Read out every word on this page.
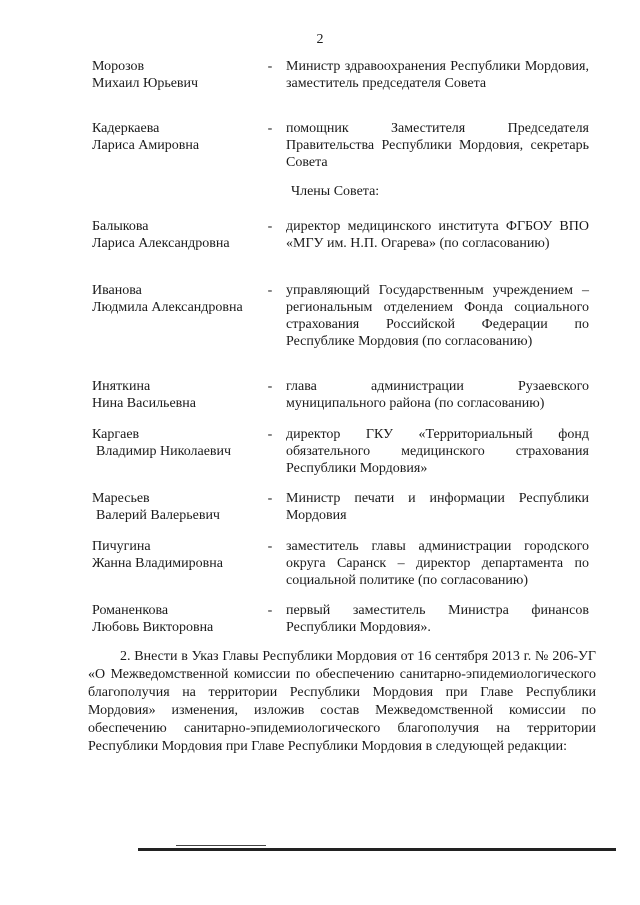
2
Морозов
Михаил Юрьевич
- Министр здравоохранения Республики Мордовия, заместитель председателя Совета
Кадеркаева
Лариса Амировна
- помощник Заместителя Председателя Правительства Республики Мордовия, секретарь Совета
Члены Совета:
Балыкова
Лариса Александровна
- директор медицинского института ФГБОУ ВПО «МГУ им. Н.П. Огарева» (по согласованию)
Иванова
Людмила Александровна
- управляющий Государственным учреждением – региональным отделением Фонда социального страхования Российской Федерации по Республике Мордовия (по согласованию)
Иняткина
Нина Васильевна
- глава администрации Рузаевского муниципального района (по согласованию)
Каргаев
Владимир Николаевич
- директор ГКУ «Территориальный фонд обязательного медицинского страхования Республики Мордовия»
Маресьев
Валерий Валерьевич
- Министр печати и информации Республики Мордовия
Пичугина
Жанна Владимировна
- заместитель главы администрации городского округа Саранск – директор департамента по социальной политике (по согласованию)
Романенкова
Любовь Викторовна
- первый заместитель Министра финансов Республики Мордовия».
2. Внести в Указ Главы Республики Мордовия от 16 сентября 2013 г. № 206-УГ «О Межведомственной комиссии по обеспечению санитарно-эпидемиологического благополучия на территории Республики Мордовия при Главе Республики Мордовия» изменения, изложив состав Межведомственной комиссии по обеспечению санитарно-эпидемиологического благополучия на территории Республики Мордовия при Главе Республики Мордовия в следующей редакции:
